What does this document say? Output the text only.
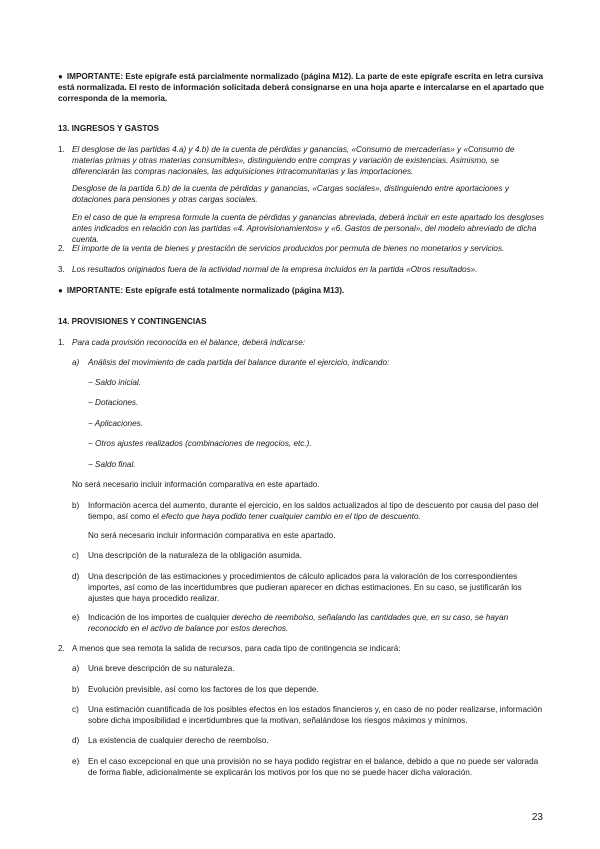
● IMPORTANTE: Este epígrafe está parcialmente normalizado (página M12). La parte de este epígrafe escrita en letra cursiva está normalizada. El resto de información solicitada deberá consignarse en una hoja aparte e intercalarse en el apartado que corresponda de la memoria.
13. INGRESOS Y GASTOS
1. El desglose de las partidas 4.a) y 4.b) de la cuenta de pérdidas y ganancias, «Consumo de mercaderías» y «Consumo de materias primas y otras materias consumibles», distinguiendo entre compras y variación de existencias. Asimismo, se diferenciarán las compras nacionales, las adquisiciones intracomunitarias y las importaciones.
Desglose de la partida 6.b) de la cuenta de pérdidas y ganancias, «Cargas sociales», distinguiendo entre aportaciones y dotaciones para pensiones y otras cargas sociales.
En el caso de que la empresa formule la cuenta de pérdidas y ganancias abreviada, deberá incluir en este apartado los desgloses antes indicados en relación con las partidas «4. Aprovisionamientos» y «6. Gastos de personal», del modelo abreviado de dicha cuenta.
2. El importe de la venta de bienes y prestación de servicios producidos por permuta de bienes no monetarios y servicios.
3. Los resultados originados fuera de la actividad normal de la empresa incluidos en la partida «Otros resultados».
● IMPORTANTE: Este epígrafe está totalmente normalizado (página M13).
14. PROVISIONES Y CONTINGENCIAS
1. Para cada provisión reconocida en el balance, deberá indicarse:
a) Análisis del movimiento de cada partida del balance durante el ejercicio, indicando:
− Saldo inicial.
− Dotaciones.
− Aplicaciones.
− Otros ajustes realizados (combinaciones de negocios, etc.).
− Saldo final.
No será necesario incluir información comparativa en este apartado.
b) Información acerca del aumento, durante el ejercicio, en los saldos actualizados al tipo de descuento por causa del paso del tiempo, así como el efecto que haya podido tener cualquier cambio en el tipo de descuento.
No será necesario incluir información comparativa en este apartado.
c) Una descripción de la naturaleza de la obligación asumida.
d) Una descripción de las estimaciones y procedimientos de cálculo aplicados para la valoración de los correspondientes importes, así como de las incertidumbres que pudieran aparecer en dichas estimaciones. En su caso, se justificarán los ajustes que haya procedido realizar.
e) Indicación de los importes de cualquier derecho de reembolso, señalando las cantidades que, en su caso, se hayan reconocido en el activo de balance por estos derechos.
2. A menos que sea remota la salida de recursos, para cada tipo de contingencia se indicará:
a) Una breve descripción de su naturaleza.
b) Evolución previsible, así como los factores de los que depende.
c) Una estimación cuantificada de los posibles efectos en los estados financieros y, en caso de no poder realizarse, información sobre dicha imposibilidad e incertidumbres que la motivan, señalándose los riesgos máximos y mínimos.
d) La existencia de cualquier derecho de reembolso.
e) En el caso excepcional en que una provisión no se haya podido registrar en el balance, debido a que no puede ser valorada de forma fiable, adicionalmente se explicarán los motivos por los que no se puede hacer dicha valoración.
23
